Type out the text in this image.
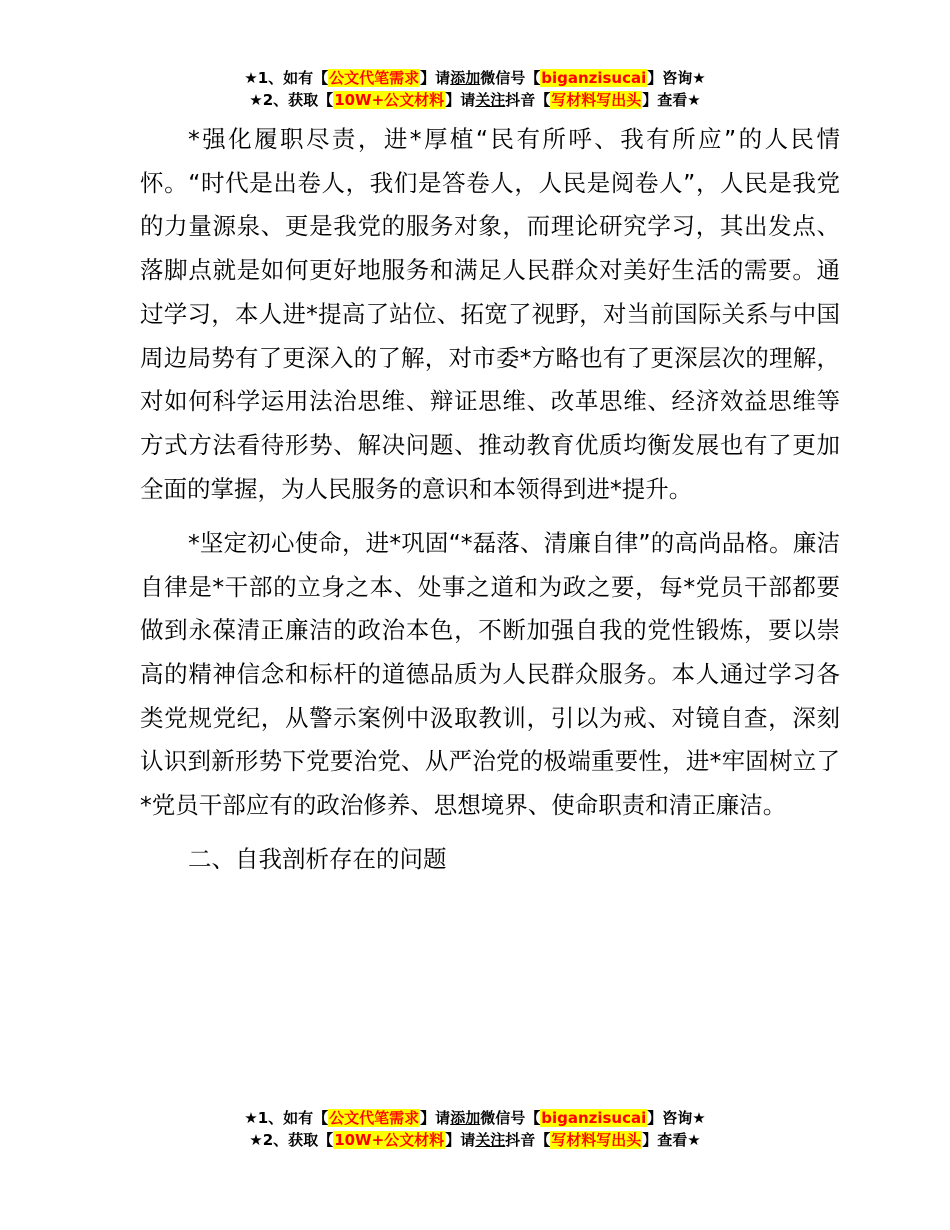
★1、如有【公文代笔需求】请添加微信号【biganzisucai】咨询★
★2、获取【10W+公文材料】请关注抖音【写材料写出头】查看★

*强化履职尽责，进*厚植“民有所呼、我有所应”的人民情怀。“时代是出卷人，我们是答卷人，人民是阅卷人”，人民是我党的力量源泉、更是我党的服务对象，而理论研究学习，其出发点、落脚点就是如何更好地服务和满足人民群众对美好生活的需要。通过学习，本人进*提高了站位、拓宽了视野，对当前国际关系与中国周边局势有了更深入的了解，对市委*方略也有了更深层次的理解，对如何科学运用法治思维、辩证思维、改革思维、经济效益思维等方式方法看待形势、解决问题、推动教育优质均衡发展也有了更加全面的掌握，为人民服务的意识和本领得到进*提升。

*坚定初心使命，进*巩固“*磊落、清廉自律”的高尚品格。廉洁自律是*干部的立身之本、处事之道和为政之要，每*党员干部都要做到永葆清正廉洁的政治本色，不断加强自我的党性锻炼，要以崇高的精神信念和标杆的道德品质为人民群众服务。本人通过学习各类党规党纪，从警示案例中汲取教训，引以为戒、对镜自查，深刻认识到新形势下党要治党、从严治党的极端重要性，进*牢固树立了*党员干部应有的政治修养、思想境界、使命职责和清正廉洁。

二、自我剖析存在的问题

★1、如有【公文代笔需求】请添加微信号【biganzisucai】咨询★
★2、获取【10W+公文材料】请关注抖音【写材料写出头】查看★
